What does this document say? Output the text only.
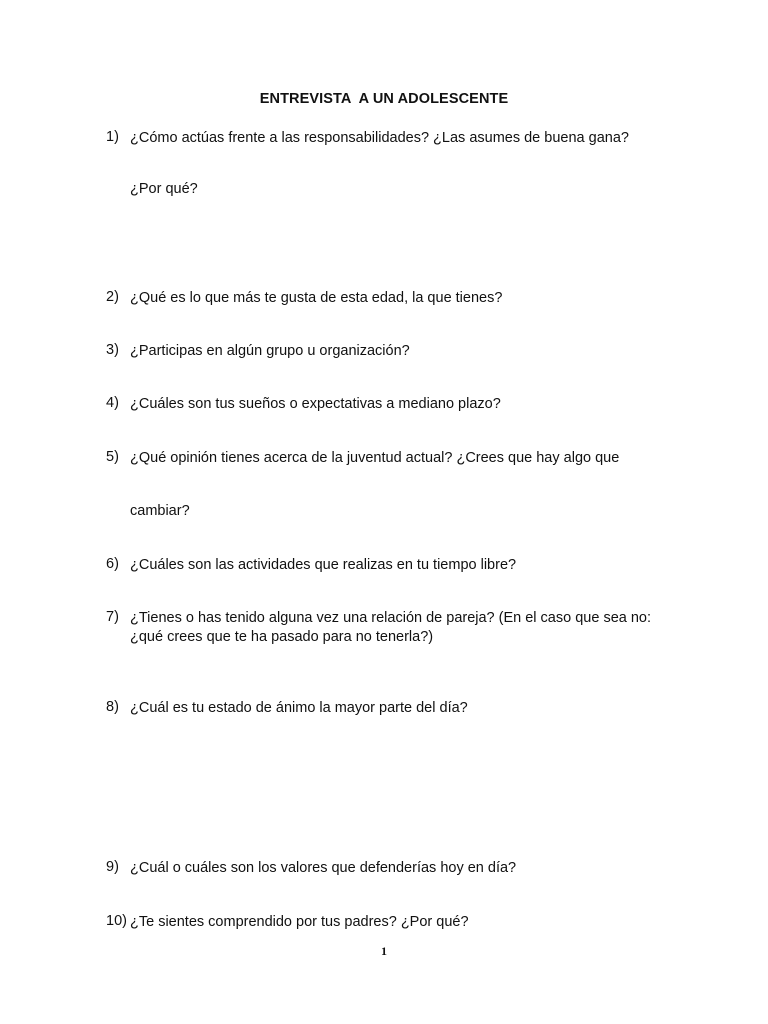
ENTREVISTA  A UN ADOLESCENTE
1) ¿Cómo actúas frente a las responsabilidades? ¿Las asumes de buena gana?
¿Por qué?
2) ¿Qué es lo que más te gusta de esta edad, la que tienes?
3) ¿Participas en algún grupo u organización?
4) ¿Cuáles son tus sueños o expectativas a mediano plazo?
5) ¿Qué opinión tienes acerca de la juventud actual? ¿Crees que hay algo que
cambiar?
6) ¿Cuáles son las actividades que realizas en tu tiempo libre?
7) ¿Tienes o has tenido alguna vez una relación de pareja? (En el caso que sea no: ¿qué crees que te ha pasado para no tenerla?)
8) ¿Cuál es tu estado de ánimo la mayor parte del día?
9) ¿Cuál o cuáles son los valores que defenderías hoy en día?
10) ¿Te sientes comprendido por tus padres? ¿Por qué?
1
